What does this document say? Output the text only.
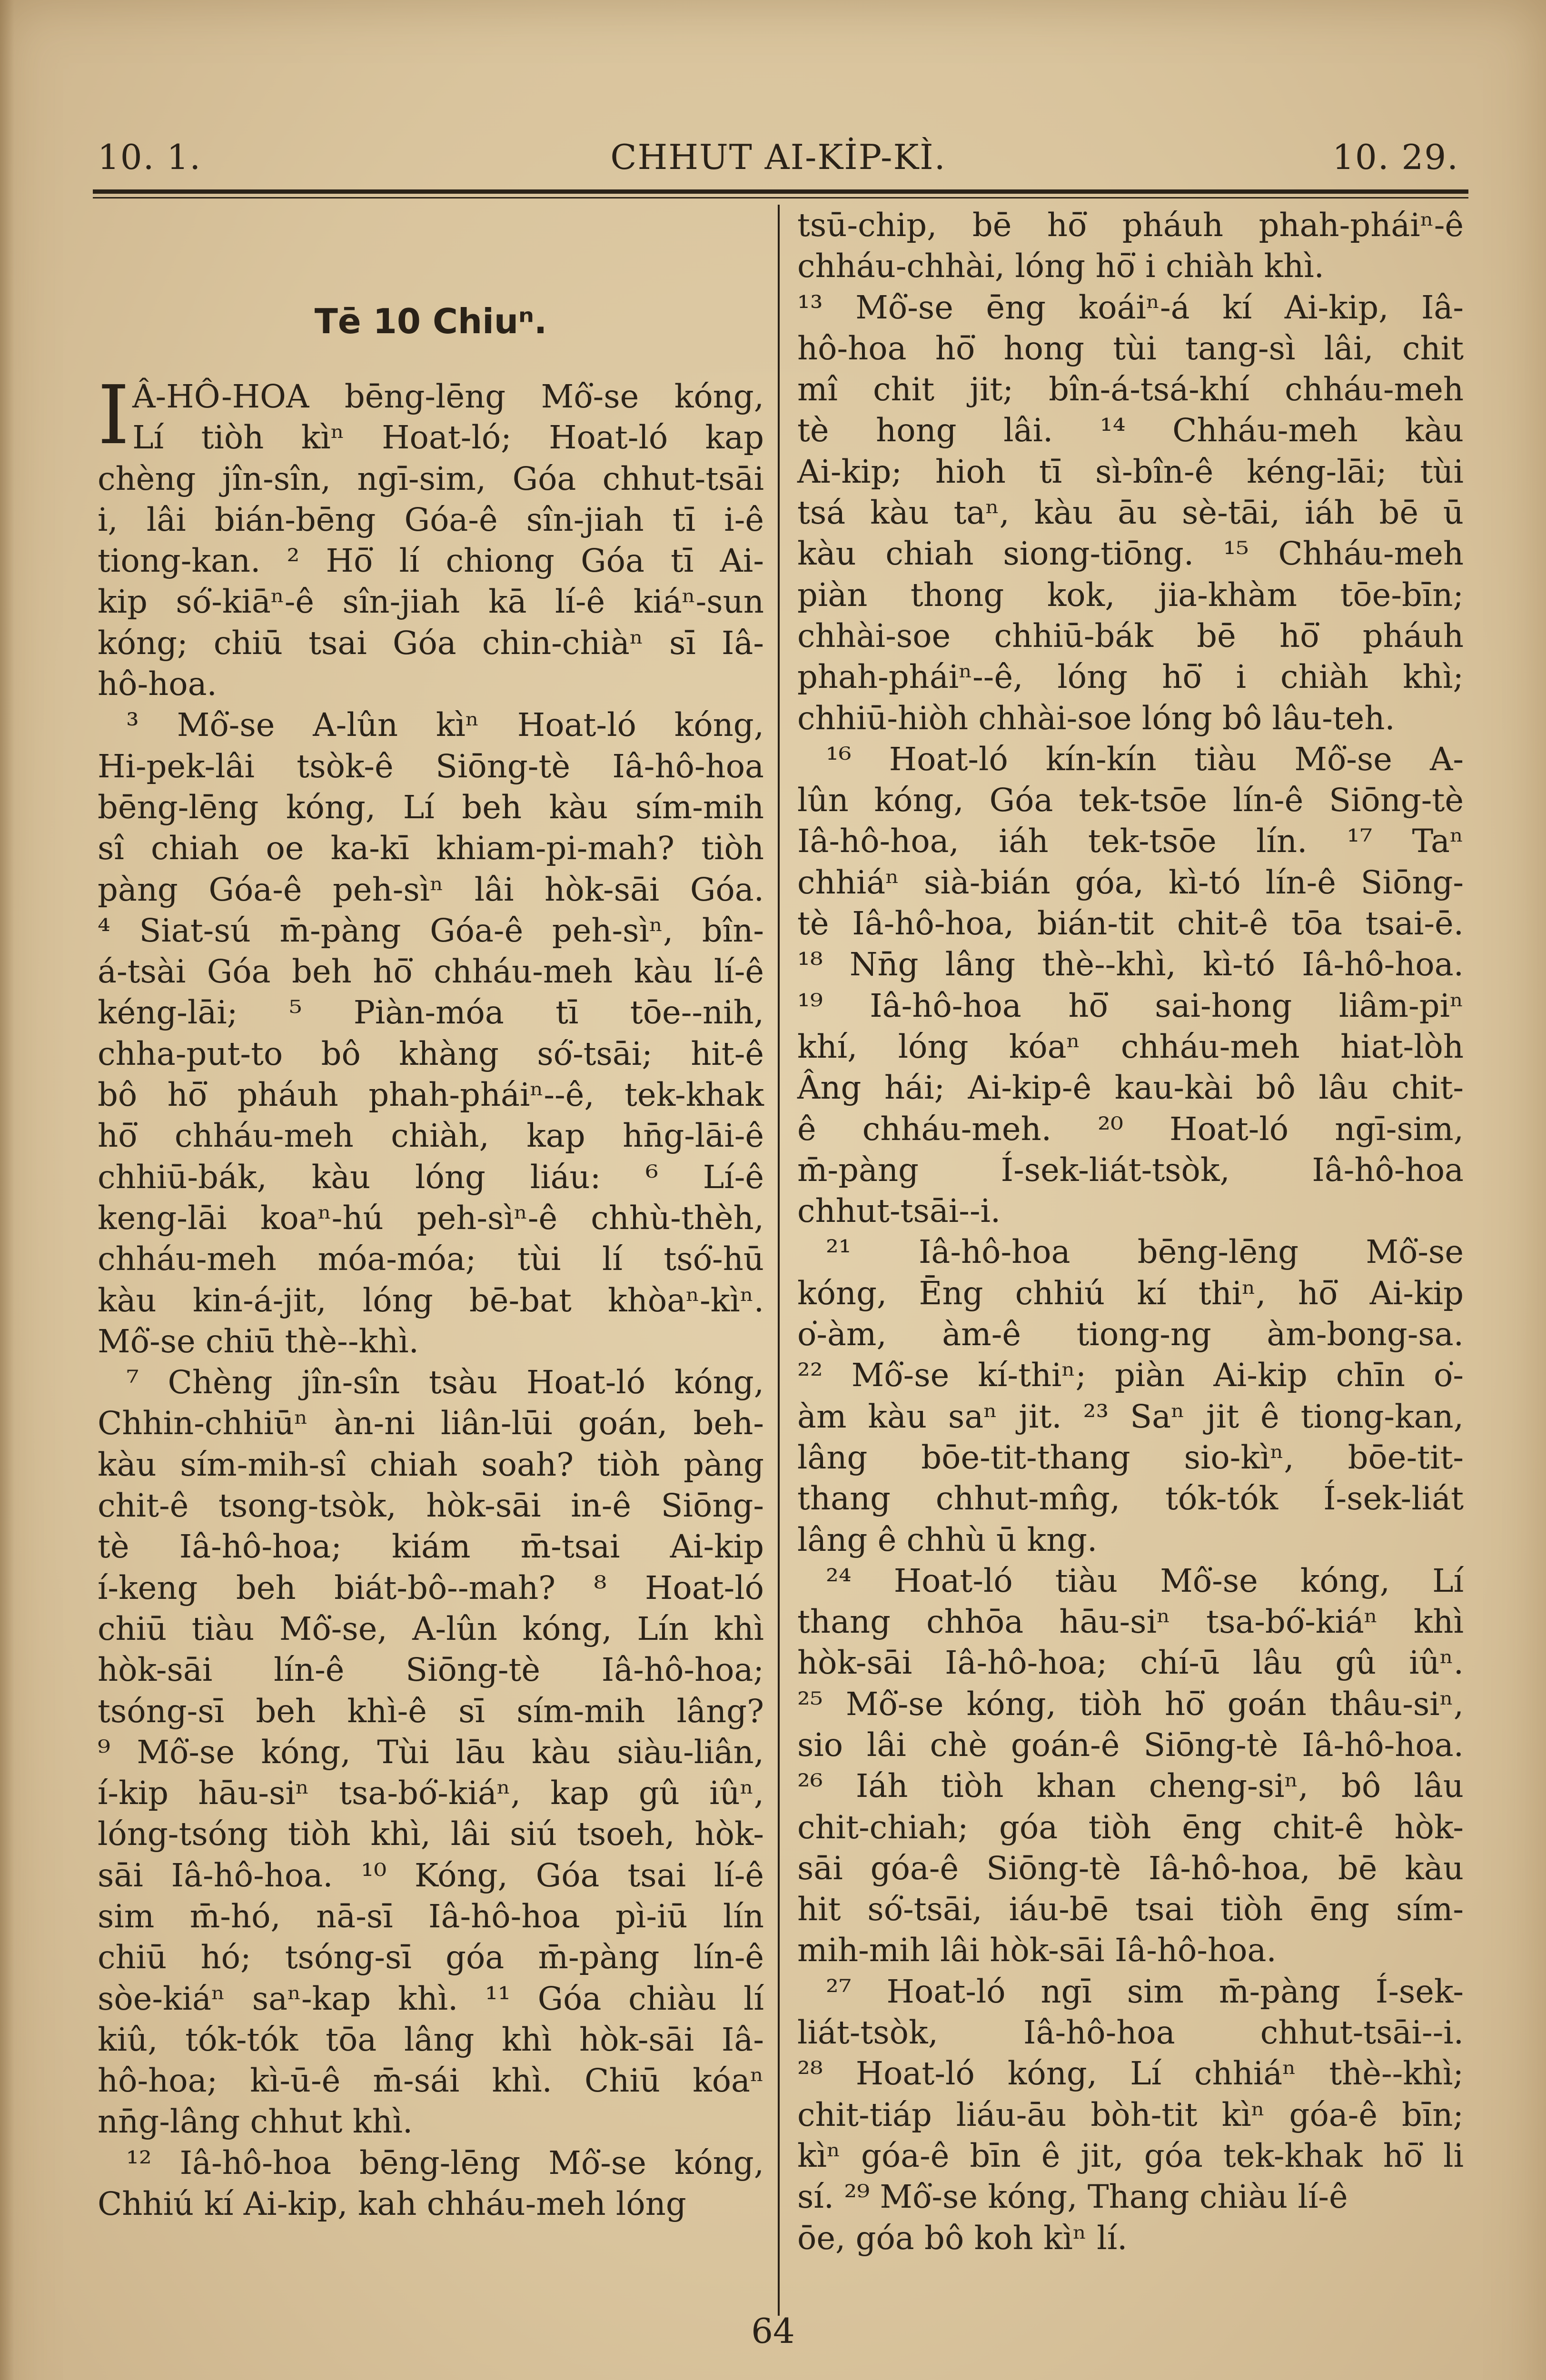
10. 1.	CHHUT AI-KİP-KÌ.	10. 29.
Tē 10 Chiuⁿ.
I Â-HÔ-HOA bēng-lēng Mô͘-se kóng,
Lí tiòh kìⁿ Hoat-ló; Hoat-ló kap
chèng jîn-sîn, ngī-sim, Góa chhut-tsāi
i, lâi bián-bēng Góa-ê sîn-jiah tī i-ê
tiong-kan. ² Hō͘ lí chiong Góa tī Ai-
kip só͘-kiāⁿ-ê sîn-jiah kā lí-ê kiáⁿ-sun
kóng; chiū tsai Góa chin-chiàⁿ sī Iâ-
hô-hoa.
³ Mô͘-se A-lûn kìⁿ Hoat-ló kóng,
Hi-pek-lâi tsòk-ê Siōng-tè Iâ-hô-hoa
bēng-lēng kóng, Lí beh kàu sím-mih
sî chiah oe ka-kī khiam-pi-mah? tiòh
pàng Góa-ê peh-sìⁿ lâi hòk-sāi Góa.
⁴ Siat-sú m̄-pàng Góa-ê peh-sìⁿ, bîn-
á-tsài Góa beh hō͘ chháu-meh kàu lí-ê
kéng-lāi; ⁵ Piàn-móa tī tōe--nih,
chha-put-to bô khàng só͘-tsāi; hit-ê
bô hō͘ pháuh phah-pháiⁿ--ê, tek-khak
hō͘ chháu-meh chiàh, kap hn̄g-lāi-ê
chhiū-bák, kàu lóng liáu: ⁶ Lí-ê
keng-lāi koaⁿ-hú peh-sìⁿ-ê chhù-thèh,
chháu-meh móa-móa; tùi lí tsó͘-hū
kàu kin-á-jit, lóng bē-bat khòaⁿ-kìⁿ.
Mô͘-se chiū thè--khì.
⁷ Chèng jîn-sîn tsàu Hoat-ló kóng,
Chhin-chhiūⁿ àn-ni liân-lūi goán, beh-
kàu sím-mih-sî chiah soah? tiòh pàng
chit-ê tsong-tsòk, hòk-sāi in-ê Siōng-
tè Iâ-hô-hoa; kiám m̄-tsai Ai-kip
í-keng beh biát-bô--mah? ⁸ Hoat-ló
chiū tiàu Mô͘-se, A-lûn kóng, Lín khì
hòk-sāi lín-ê Siōng-tè Iâ-hô-hoa;
tsóng-sī beh khì-ê sī sím-mih lâng?
⁹ Mô͘-se kóng, Tùi lāu kàu siàu-liân,
í-kip hāu-siⁿ tsa-bó͘-kiáⁿ, kap gû iûⁿ,
lóng-tsóng tiòh khì, lâi siú tsoeh, hòk-
sāi Iâ-hô-hoa. ¹⁰ Kóng, Góa tsai lí-ê
sim m̄-hó, nā-sī Iâ-hô-hoa pì-iū lín
chiū hó; tsóng-sī góa m̄-pàng lín-ê
sòe-kiáⁿ saⁿ-kap khì. ¹¹ Góa chiàu lí
kiû, tók-tók tōa lâng khì hòk-sāi Iâ-
hô-hoa; kì-ū-ê m̄-sái khì. Chiū kóaⁿ
nn̄g-lâng chhut khì.
¹² Iâ-hô-hoa bēng-lēng Mô͘-se kóng,
Chhiú kí Ai-kip, kah chháu-meh lóng
tsū-chip, bē hō͘ pháuh phah-pháiⁿ-ê
chháu-chhài, lóng hō͘ i chiàh khì.
¹³ Mô͘-se ēng koáiⁿ-á kí Ai-kip, Iâ-
hô-hoa hō͘ hong tùi tang-sì lâi, chit
mî chit jit; bîn-á-tsá-khí chháu-meh
tè hong lâi. ¹⁴ Chháu-meh kàu
Ai-kip; hioh tī sì-bîn-ê kéng-lāi; tùi
tsá kàu taⁿ, kàu āu sè-tāi, iáh bē ū
kàu chiah siong-tiōng. ¹⁵ Chháu-meh
piàn thong kok, jia-khàm tōe-bīn;
chhài-soe chhiū-bák bē hō͘ pháuh
phah-pháiⁿ--ê, lóng hō͘ i chiàh khì;
chhiū-hiòh chhài-soe lóng bô lâu-teh.
¹⁶ Hoat-ló kín-kín tiàu Mô͘-se A-
lûn kóng, Góa tek-tsōe lín-ê Siōng-tè
Iâ-hô-hoa, iáh tek-tsōe lín. ¹⁷ Taⁿ
chhiáⁿ sià-bián góa, kì-tó lín-ê Siōng-
tè Iâ-hô-hoa, bián-tit chit-ê tōa tsai-ē.
¹⁸ Nn̄g lâng thè--khì, kì-tó Iâ-hô-hoa.
¹⁹ Iâ-hô-hoa hō͘ sai-hong liâm-piⁿ
khí, lóng kóaⁿ chháu-meh hiat-lòh
Âng hái; Ai-kip-ê kau-kài bô lâu chit-
ê chháu-meh. ²⁰ Hoat-ló ngī-sim,
m̄-pàng Í-sek-liát-tsòk, Iâ-hô-hoa
chhut-tsāi--i.
²¹ Iâ-hô-hoa bēng-lēng Mô͘-se
kóng, Ēng chhiú kí thiⁿ, hō͘ Ai-kip
o͘-àm, àm-ê tiong-ng àm-bong-sa.
²² Mô͘-se kí-thiⁿ; piàn Ai-kip chīn o͘-
àm kàu saⁿ jit. ²³ Saⁿ jit ê tiong-kan,
lâng bōe-tit-thang sio-kìⁿ, bōe-tit-
thang chhut-mn̂g, tók-tók Í-sek-liát
lâng ê chhù ū kng.
²⁴ Hoat-ló tiàu Mô͘-se kóng, Lí
thang chhōa hāu-siⁿ tsa-bó͘-kiáⁿ khì
hòk-sāi Iâ-hô-hoa; chí-ū lâu gû iûⁿ.
²⁵ Mô͘-se kóng, tiòh hō͘ goán thâu-siⁿ,
sio lâi chè goán-ê Siōng-tè Iâ-hô-hoa.
²⁶ Iáh tiòh khan cheng-siⁿ, bô lâu
chit-chiah; góa tiòh ēng chit-ê hòk-
sāi góa-ê Siōng-tè Iâ-hô-hoa, bē kàu
hit só͘-tsāi, iáu-bē tsai tiòh ēng sím-
mih-mih lâi hòk-sāi Iâ-hô-hoa.
²⁷ Hoat-ló ngī sim m̄-pàng Í-sek-
liát-tsòk, Iâ-hô-hoa chhut-tsāi--i.
²⁸ Hoat-ló kóng, Lí chhiáⁿ thè--khì;
chit-tiáp liáu-āu bòh-tit kìⁿ góa-ê bīn;
kìⁿ góa-ê bīn ê jit, góa tek-khak hō͘ li
sí. ²⁹ Mô͘-se kóng, Thang chiàu lí-ê
ōe, góa bô koh kìⁿ lí.
64
